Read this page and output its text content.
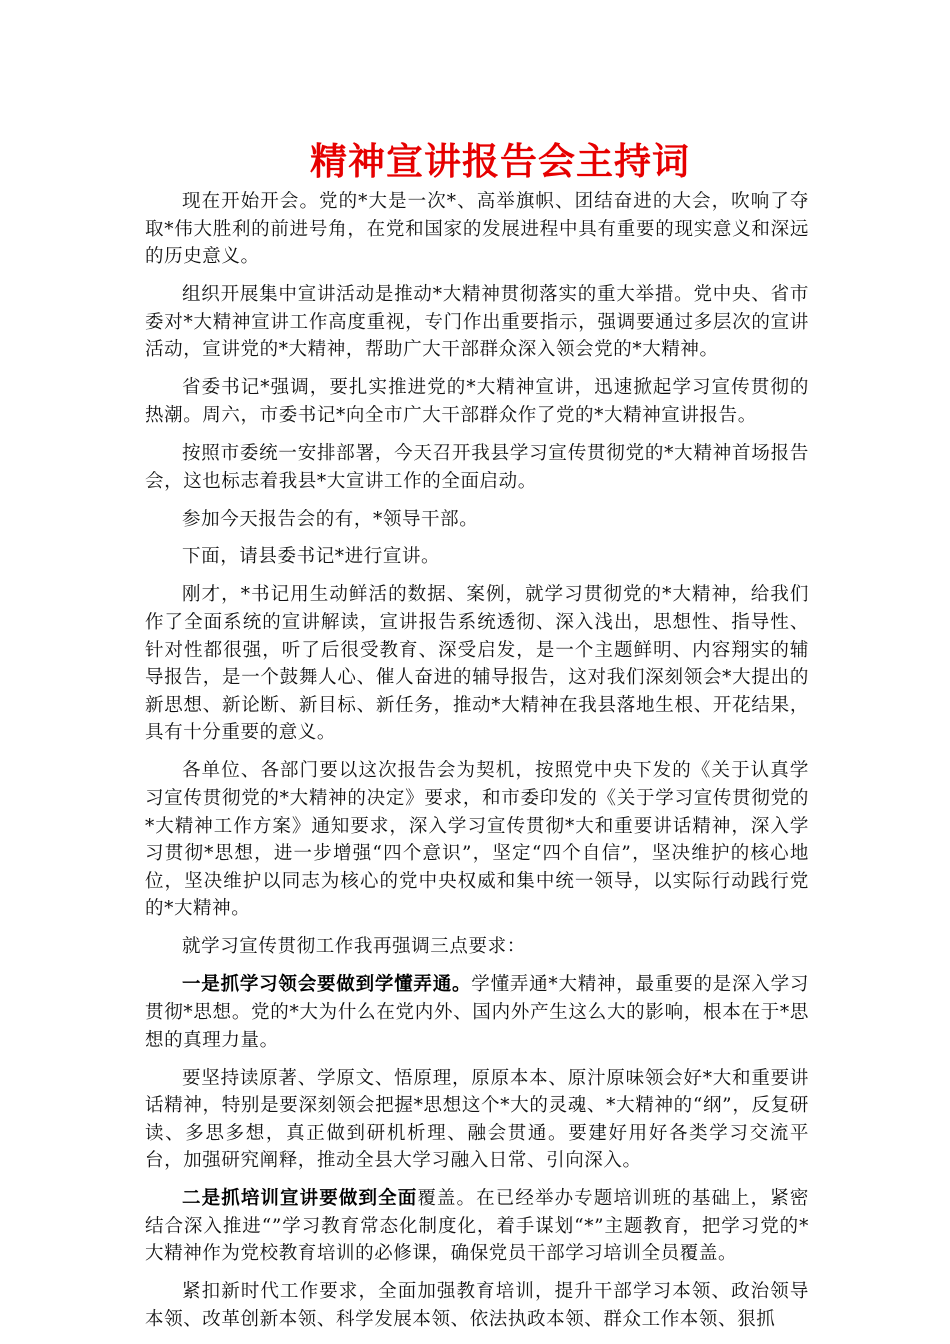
精神宣讲报告会主持词

现在开始开会。党的*大是一次*、高举旗帜、团结奋进的大会，吹响了夺取*伟大胜利的前进号角，在党和国家的发展进程中具有重要的现实意义和深远的历史意义。

组织开展集中宣讲活动是推动*大精神贯彻落实的重大举措。党中央、省市委对*大精神宣讲工作高度重视，专门作出重要指示，强调要通过多层次的宣讲活动，宣讲党的*大精神，帮助广大干部群众深入领会党的*大精神。

省委书记*强调，要扎实推进党的*大精神宣讲，迅速掀起学习宣传贯彻的热潮。周六，市委书记*向全市广大干部群众作了党的*大精神宣讲报告。

按照市委统一安排部署，今天召开我县学习宣传贯彻党的*大精神首场报告会，这也标志着我县*大宣讲工作的全面启动。

参加今天报告会的有，*领导干部。

下面，请县委书记*进行宣讲。

刚才，*书记用生动鲜活的数据、案例，就学习贯彻党的*大精神，给我们作了全面系统的宣讲解读，宣讲报告系统透彻、深入浅出，思想性、指导性、针对性都很强，听了后很受教育、深受启发，是一个主题鲜明、内容翔实的辅导报告，是一个鼓舞人心、催人奋进的辅导报告，这对我们深刻领会*大提出的新思想、新论断、新目标、新任务，推动*大精神在我县落地生根、开花结果，具有十分重要的意义。

各单位、各部门要以这次报告会为契机，按照党中央下发的《关于认真学习宣传贯彻党的*大精神的决定》要求，和市委印发的《关于学习宣传贯彻党的*大精神工作方案》通知要求，深入学习宣传贯彻*大和重要讲话精神，深入学习贯彻*思想，进一步增强“四个意识”，坚定“四个自信”，坚决维护的核心地位，坚决维护以同志为核心的党中央权威和集中统一领导，以实际行动践行党的*大精神。

就学习宣传贯彻工作我再强调三点要求：

一是抓学习领会要做到学懂弄通。学懂弄通*大精神，最重要的是深入学习贯彻*思想。党的*大为什么在党内外、国内外产生这么大的影响，根本在于*思想的真理力量。

要坚持读原著、学原文、悟原理，原原本本、原汁原味领会好*大和重要讲话精神，特别是要深刻领会把握*思想这个*大的灵魂、*大精神的“纲”，反复研读、多思多想，真正做到研机析理、融会贯通。要建好用好各类学习交流平台，加强研究阐释，推动全县大学习融入日常、引向深入。

二是抓培训宣讲要做到全面覆盖。在已经举办专题培训班的基础上，紧密结合深入推进“”学习教育常态化制度化，着手谋划“*”主题教育，把学习党的*大精神作为党校教育培训的必修课，确保党员干部学习培训全员覆盖。

紧扣新时代工作要求，全面加强教育培训，提升干部学习本领、政治领导本领、改革创新本领、科学发展本领、依法执政本领、群众工作本领、狠抓
